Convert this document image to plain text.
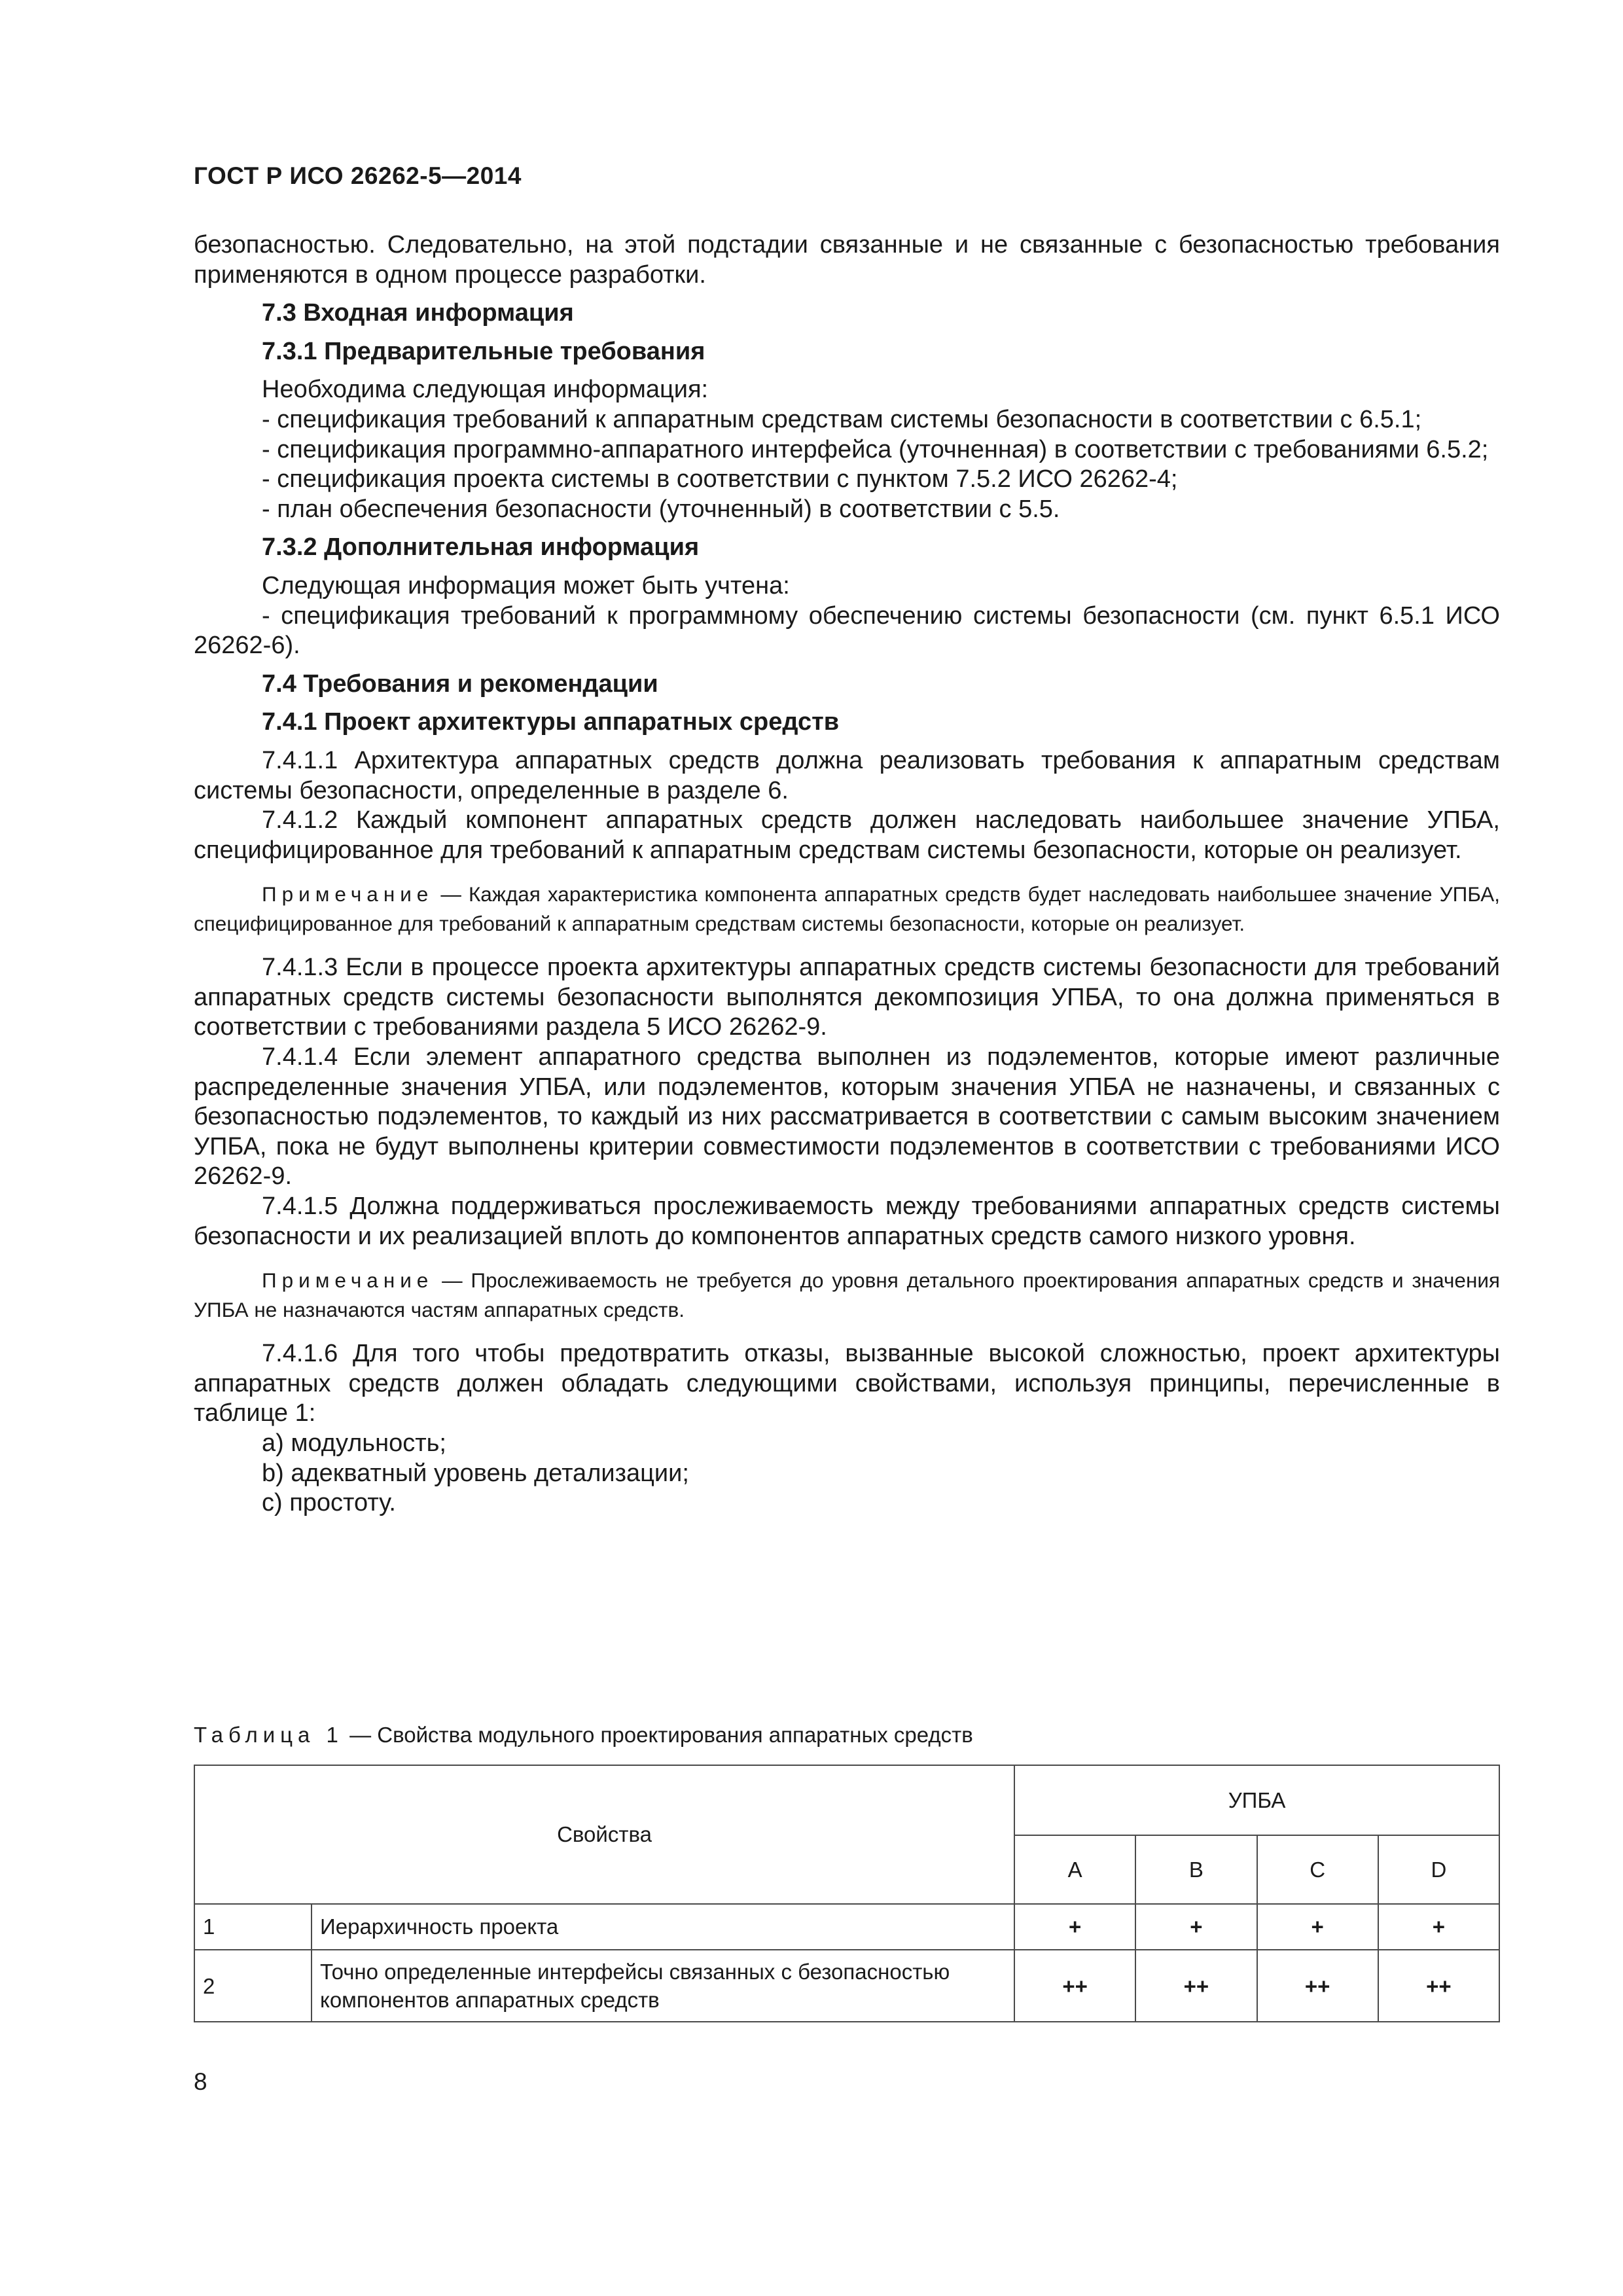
ГОСТ Р ИСО 26262-5—2014

безопасностью. Следовательно, на этой подстадии связанные и не связанные с безопасностью требования применяются в одном процессе разработки.

7.3 Входная информация

7.3.1 Предварительные требования

Необходима следующая информация:

- спецификация требований к аппаратным средствам системы безопасности в соответствии с 6.5.1;

- спецификация программно-аппаратного интерфейса (уточненная) в соответствии с требованиями 6.5.2;

- спецификация проекта системы в соответствии с пунктом 7.5.2 ИСО 26262-4;

- план обеспечения безопасности (уточненный) в соответствии с 5.5.

7.3.2 Дополнительная информация

Следующая информация может быть учтена:

- спецификация требований к программному обеспечению системы безопасности (см. пункт 6.5.1 ИСО 26262-6).

7.4 Требования и рекомендации

7.4.1 Проект архитектуры аппаратных средств

7.4.1.1 Архитектура аппаратных средств должна реализовать требования к аппаратным средствам системы безопасности, определенные в разделе 6.

7.4.1.2 Каждый компонент аппаратных средств должен наследовать наибольшее значение УПБА, специфицированное для требований к аппаратным средствам системы безопасности, которые он реализует.

Примечание — Каждая характеристика компонента аппаратных средств будет наследовать наибольшее значение УПБА, специфицированное для требований к аппаратным средствам системы безопасности, которые он реализует.

7.4.1.3 Если в процессе проекта архитектуры аппаратных средств системы безопасности для требований аппаратных средств системы безопасности выполнятся декомпозиция УПБА, то она должна применяться в соответствии с требованиями раздела 5 ИСО 26262-9.

7.4.1.4 Если элемент аппаратного средства выполнен из подэлементов, которые имеют различные распределенные значения УПБА, или подэлементов, которым значения УПБА не назначены, и связанных с безопасностью подэлементов, то каждый из них рассматривается в соответствии с самым высоким значением УПБА, пока не будут выполнены критерии совместимости подэлементов в соответствии с требованиями ИСО 26262-9.

7.4.1.5 Должна поддерживаться прослеживаемость между требованиями аппаратных средств системы безопасности и их реализацией вплоть до компонентов аппаратных средств самого низкого уровня.

Примечание — Прослеживаемость не требуется до уровня детального проектирования аппаратных средств и значения УПБА не назначаются частям аппаратных средств.

7.4.1.6 Для того чтобы предотвратить отказы, вызванные высокой сложностью, проект архитектуры аппаратных средств должен обладать следующими свойствами, используя принципы, перечисленные в таблице 1:

a) модульность;

b) адекватный уровень детализации;

c) простоту.

Таблица 1 — Свойства модульного проектирования аппаратных средств
Свойства		УПБА			
		A	B	C	D
1	Иерархичность проекта	+	+	+	+
2	Точно определенные интерфейсы связанных с безопасностью компонентов аппаратных средств	++	++	++	++
8
